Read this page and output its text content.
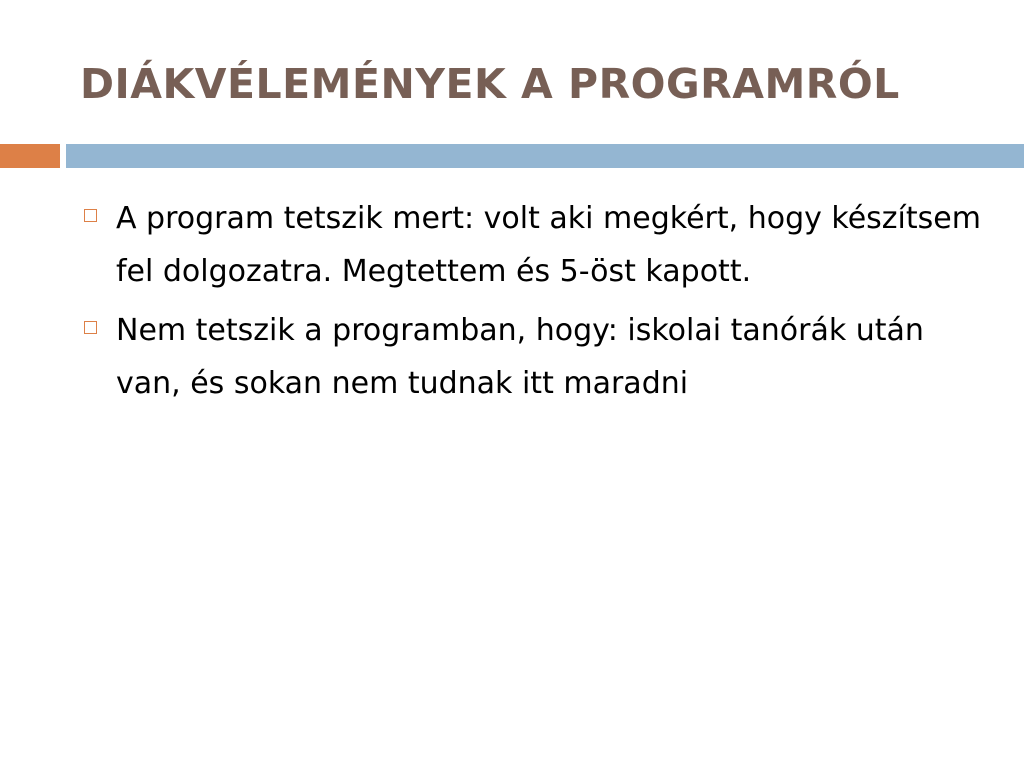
DIÁKVÉLEMÉNYEK A PROGRAMRÓL
A program tetszik mert: volt aki megkért, hogy készítsem fel dolgozatra. Megtettem és 5-öst kapott.
Nem tetszik a programban, hogy: iskolai tanórák után van, és sokan nem tudnak itt maradni
